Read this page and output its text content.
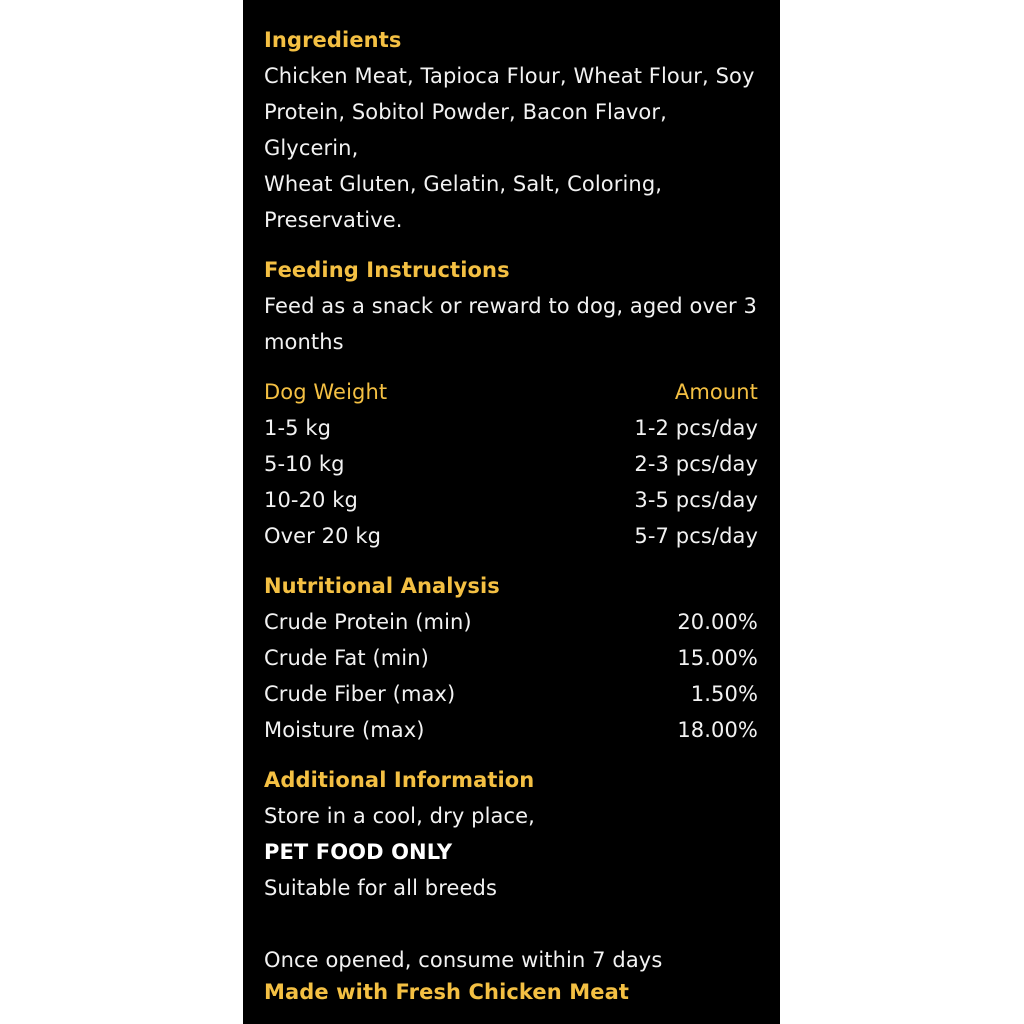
Ingredients
Chicken Meat, Tapioca Flour, Wheat Flour, Soy
Protein, Sobitol Powder, Bacon Flavor, Glycerin,
Wheat Gluten, Gelatin, Salt, Coloring,
Preservative.
Feeding Instructions
Feed as a snack or reward to dog, aged over 3
months
Dog Weight	Amount
1-5 kg	1-2 pcs/day
5-10 kg	2-3 pcs/day
10-20 kg	3-5 pcs/day
Over 20 kg	5-7 pcs/day
Nutritional Analysis
Crude Protein (min)	20.00%
Crude Fat (min)	15.00%
Crude Fiber (max)	1.50%
Moisture (max)	18.00%
Additional Information
Store in a cool, dry place,
PET FOOD ONLY
Suitable for all breeds
Once opened, consume within 7 days
Made with Fresh Chicken Meat
